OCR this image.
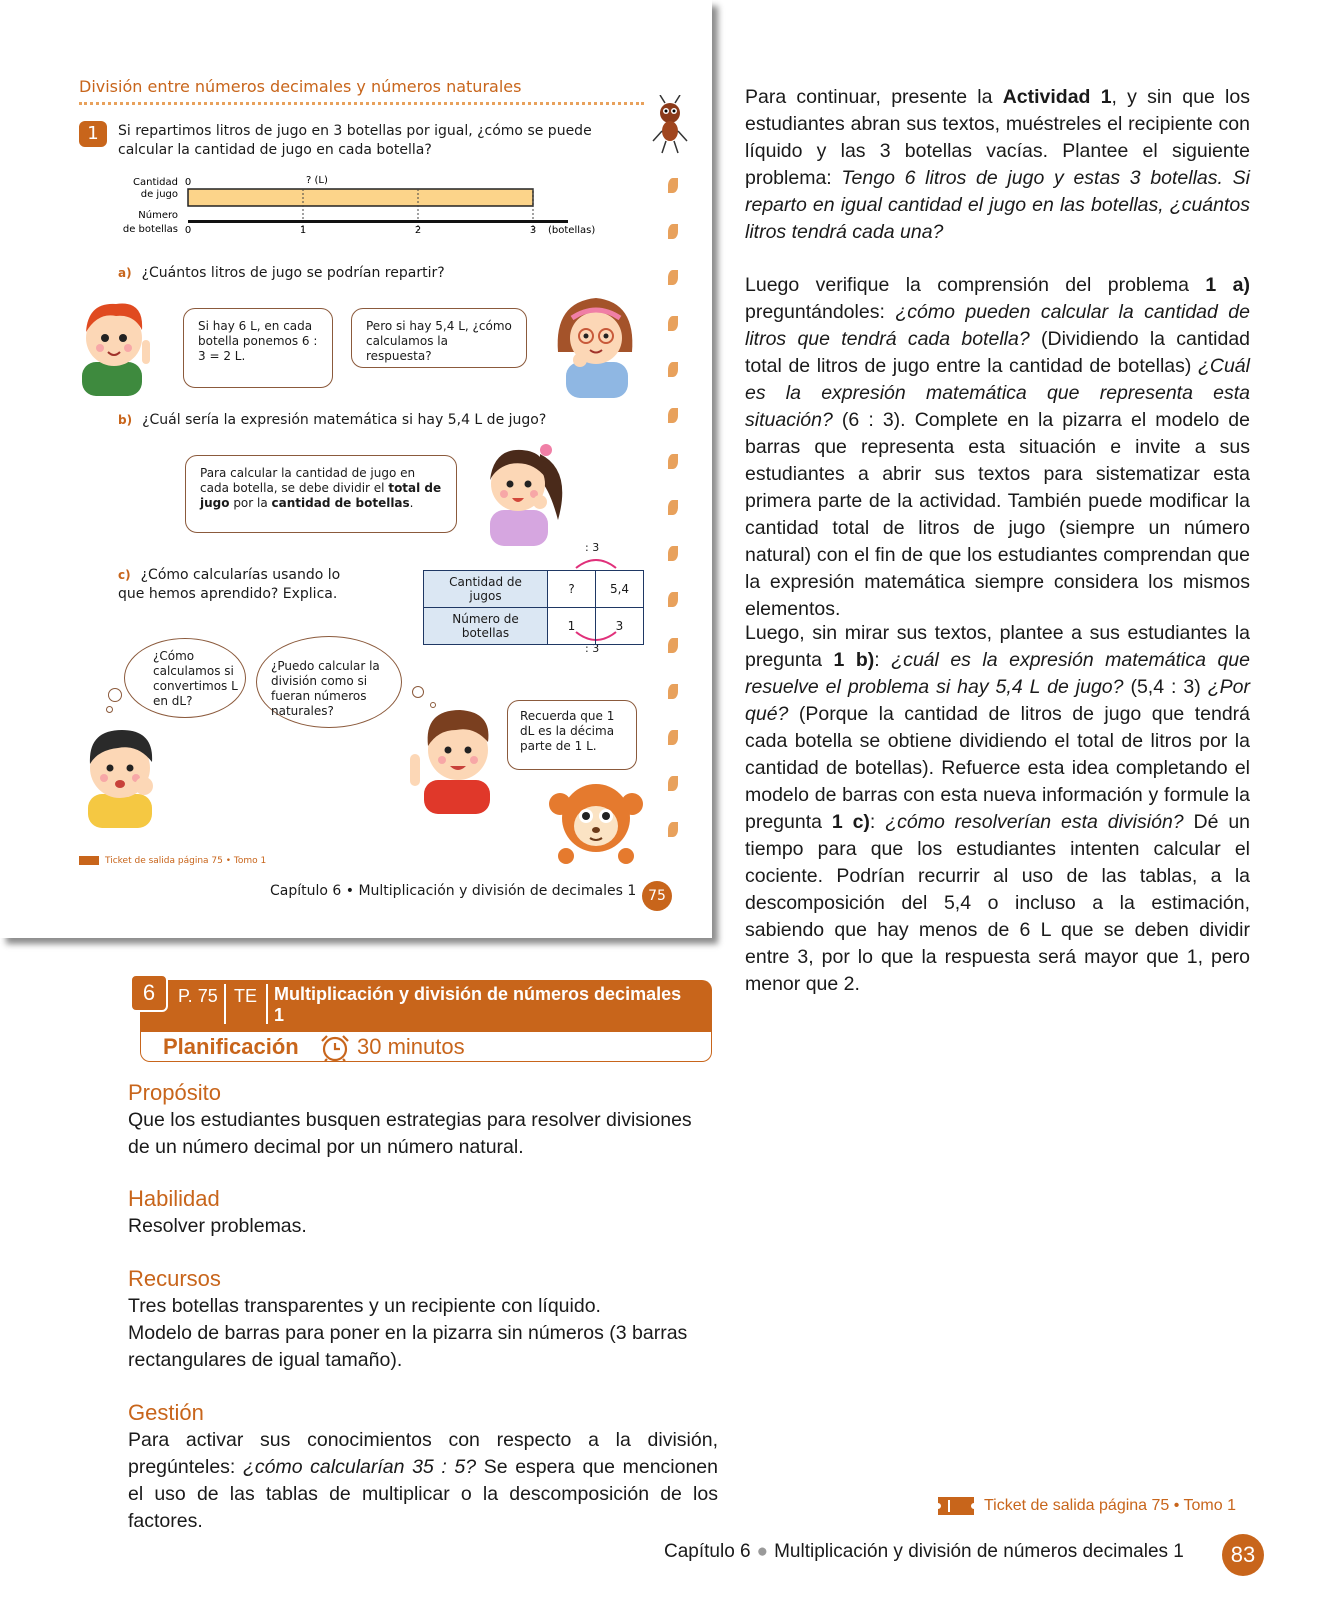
División entre números decimales y números naturales
1	Si repartimos litros de jugo en 3 botellas por igual, ¿cómo se puede calcular la cantidad de jugo en cada botella?
Cantidad
de jugo
0	? (L)
Número
de botellas 0	1	2	3 (botellas)
a) ¿Cuántos litros de jugo se podrían repartir?
Si hay 6 L, en cada botella ponemos 6 : 3 = 2 L.
Pero si hay 5,4 L, ¿cómo calculamos la respuesta?
b) ¿Cuál sería la expresión matemática si hay 5,4 L de jugo?
Para calcular la cantidad de jugo en cada botella, se debe dividir el total de jugo por la cantidad de botellas.
c) ¿Cómo calcularías usando lo que hemos aprendido? Explica.
: 3
: 3
Cantidad de jugos	?	5,4
Número de botellas	1	3
¿Cómo calculamos si convertimos L en dL?
¿Puedo calcular la división como si fueran números naturales?	Recuerda que 1 dL es la décima parte de 1 L.
Ticket de salida página 75 • Tomo 1
Capítulo 6 • Multiplicación y división de decimales 1 75
6	P. 75 TE Multiplicación y división de números decimales 1
Planificación	30 minutos
Propósito
Que los estudiantes busquen estrategias para resolver divisiones de un número decimal por un número natural.
Habilidad
Resolver problemas.
Recursos
Tres botellas transparentes y un recipiente con líquido.
Modelo de barras para poner en la pizarra sin números (3 barras rectangulares de igual tamaño).
Gestión
Para activar sus conocimientos con respecto a la división, pregúnteles: ¿cómo calcularían 35 : 5? Se espera que mencionen el uso de las tablas de multiplicar o la descomposición de los factores.
Para continuar, presente la Actividad 1, y sin que los estudiantes abran sus textos, muéstreles el recipiente con líquido y las 3 botellas vacías. Plantee el siguiente problema: Tengo 6 litros de jugo y estas 3 botellas. Si reparto en igual cantidad el jugo en las botellas, ¿cuántos litros tendrá cada una?
Luego verifique la comprensión del problema 1 a) preguntándoles: ¿cómo pueden calcular la cantidad de litros que tendrá cada botella? (Dividiendo la cantidad total de litros de jugo entre la cantidad de botellas) ¿Cuál es la expresión matemática que representa esta situación? (6 : 3). Complete en la pizarra el modelo de barras que representa esta situación e invite a sus estudiantes a abrir sus textos para sistematizar esta primera parte de la actividad. También puede modificar la cantidad total de litros de jugo (siempre un número natural) con el fin de que los estudiantes comprendan que la expresión matemática siempre considera los mismos elementos.
Luego, sin mirar sus textos, plantee a sus estudiantes la pregunta 1 b): ¿cuál es la expresión matemática que resuelve el problema si hay 5,4 L de jugo? (5,4 : 3) ¿Por qué? (Porque la cantidad de litros de jugo que tendrá cada botella se obtiene dividiendo el total de litros por la cantidad de botellas). Refuerce esta idea completando el modelo de barras con esta nueva información y formule la pregunta 1 c): ¿cómo resolverían esta división? Dé un tiempo para que los estudiantes intenten calcular el cociente. Podrían recurrir al uso de las tablas, a la descomposición del 5,4 o incluso a la estimación, sabiendo que hay menos de 6 L que se deben dividir entre 3, por lo que la respuesta será mayor que 1, pero menor que 2.
Ticket de salida página 75 • Tomo 1
Capítulo 6 ● Multiplicación y división de números decimales 1	83
